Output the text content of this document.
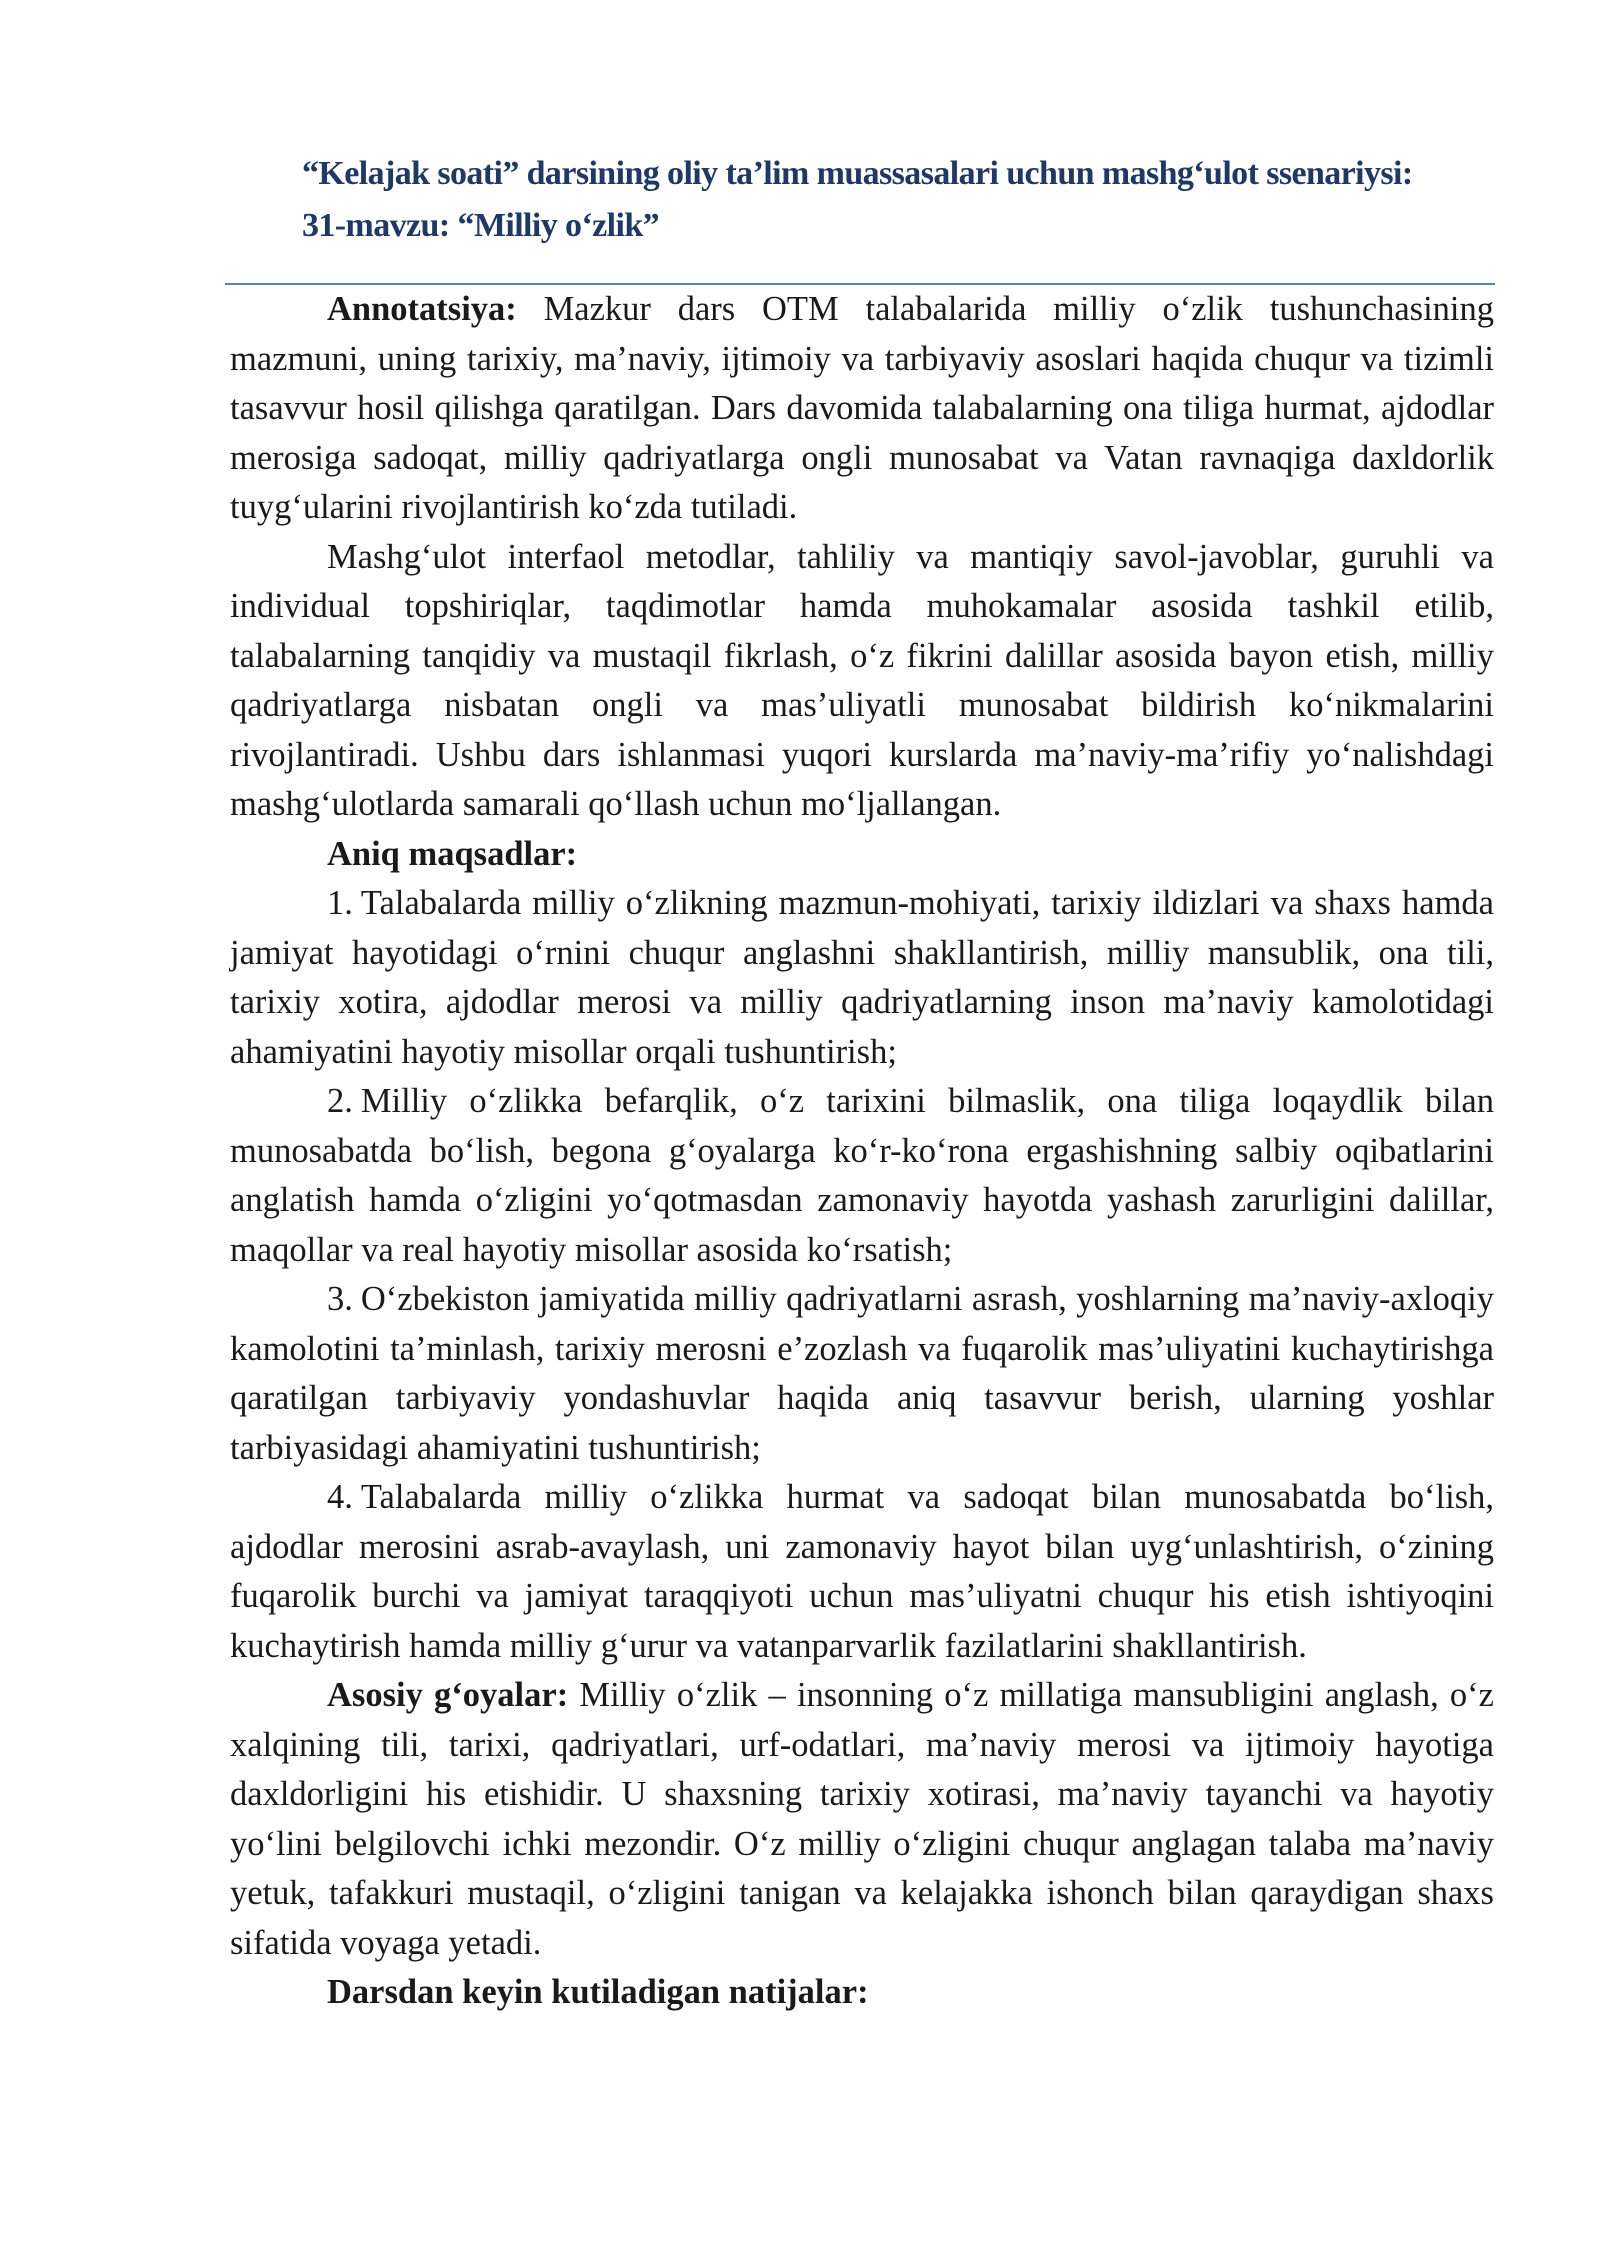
“Kelajak soati” darsining oliy ta’lim muassasalari uchun mashg‘ulot ssenariysi:
31-mavzu: “Milliy o‘zlik”

Annotatsiya: Mazkur dars OTM talabalarida milliy o‘zlik tushunchasining mazmuni, uning tarixiy, ma’naviy, ijtimoiy va tarbiyaviy asoslari haqida chuqur va tizimli tasavvur hosil qilishga qaratilgan. Dars davomida talabalarning ona tiliga hurmat, ajdodlar merosiga sadoqat, milliy qadriyatlarga ongli munosabat va Vatan ravnaqiga daxldorlik tuyg‘ularini rivojlantirish ko‘zda tutiladi.

Mashg‘ulot interfaol metodlar, tahliliy va mantiqiy savol-javoblar, guruhli va individual topshiriqlar, taqdimotlar hamda muhokamalar asosida tashkil etilib, talabalarning tanqidiy va mustaqil fikrlash, o‘z fikrini dalillar asosida bayon etish, milliy qadriyatlarga nisbatan ongli va mas’uliyatli munosabat bildirish ko‘nikmalarini rivojlantiradi. Ushbu dars ishlanmasi yuqori kurslarda ma’naviy-ma’rifiy yo‘nalishdagi mashg‘ulotlarda samarali qo‘llash uchun mo‘ljallangan.

Aniq maqsadlar:

1. Talabalarda milliy o‘zlikning mazmun-mohiyati, tarixiy ildizlari va shaxs hamda jamiyat hayotidagi o‘rnini chuqur anglashni shakllantirish, milliy mansublik, ona tili, tarixiy xotira, ajdodlar merosi va milliy qadriyatlarning inson ma’naviy kamolotidagi ahamiyatini hayotiy misollar orqali tushuntirish;

2. Milliy o‘zlikka befarqlik, o‘z tarixini bilmaslik, ona tiliga loqaydlik bilan munosabatda bo‘lish, begona g‘oyalarga ko‘r-ko‘rona ergashishning salbiy oqibatlarini anglatish hamda o‘zligini yo‘qotmasdan zamonaviy hayotda yashash zarurligini dalillar, maqollar va real hayotiy misollar asosida ko‘rsatish;

3. O‘zbekiston jamiyatida milliy qadriyatlarni asrash, yoshlarning ma’naviy-axloqiy kamolotini ta’minlash, tarixiy merosni e’zozlash va fuqarolik mas’uliyatini kuchaytirishga qaratilgan tarbiyaviy yondashuvlar haqida aniq tasavvur berish, ularning yoshlar tarbiyasidagi ahamiyatini tushuntirish;

4. Talabalarda milliy o‘zlikka hurmat va sadoqat bilan munosabatda bo‘lish, ajdodlar merosini asrab-avaylash, uni zamonaviy hayot bilan uyg‘unlashtirish, o‘zining fuqarolik burchi va jamiyat taraqqiyoti uchun mas’uliyatni chuqur his etish ishtiyoqini kuchaytirish hamda milliy g‘urur va vatanparvarlik fazilatlarini shakllantirish.

Asosiy g‘oyalar: Milliy o‘zlik – insonning o‘z millatiga mansubligini anglash, o‘z xalqining tili, tarixi, qadriyatlari, urf-odatlari, ma’naviy merosi va ijtimoiy hayotiga daxldorligini his etishidir. U shaxsning tarixiy xotirasi, ma’naviy tayanchi va hayotiy yo‘lini belgilovchi ichki mezondir. O‘z milliy o‘zligini chuqur anglagan talaba ma’naviy yetuk, tafakkuri mustaqil, o‘zligini tanigan va kelajakka ishonch bilan qaraydigan shaxs sifatida voyaga yetadi.

Darsdan keyin kutiladigan natijalar:
